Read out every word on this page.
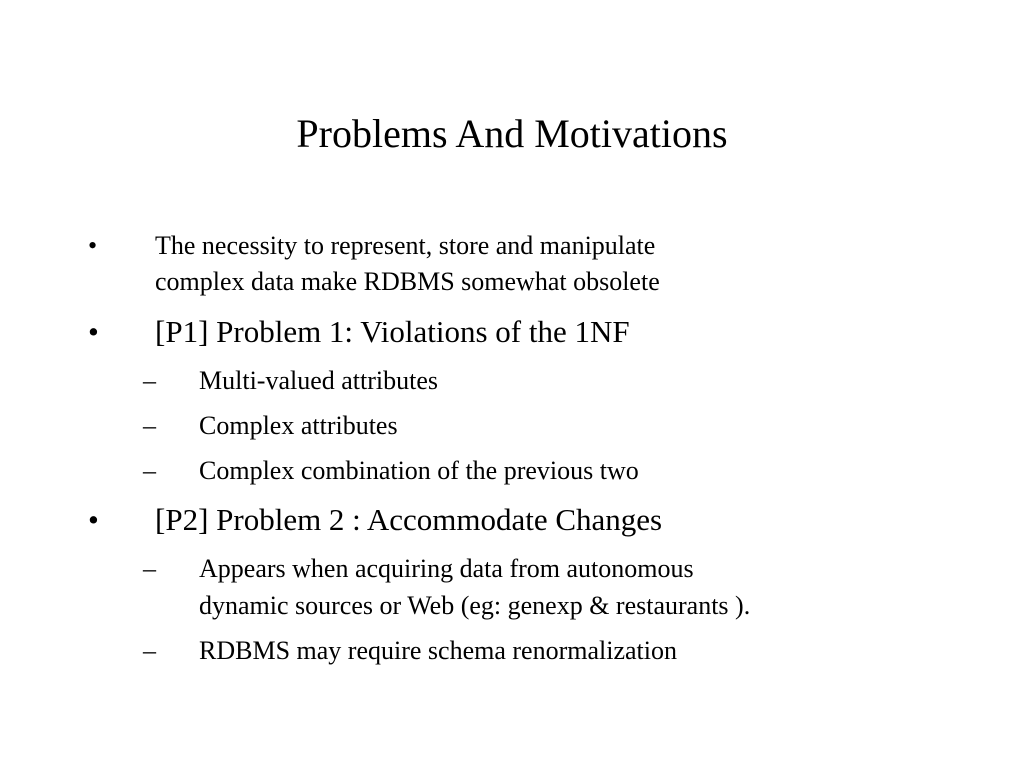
Problems And Motivations
• The necessity to represent, store and manipulate
complex data make RDBMS somewhat obsolete
• [P1] Problem 1: Violations of the 1NF
– Multi-valued attributes
– Complex attributes
– Complex combination of the previous two
• [P2] Problem 2 : Accommodate Changes
– Appears when acquiring data from autonomous
dynamic sources or Web (eg: genexp & restaurants ).
– RDBMS may require schema renormalization
